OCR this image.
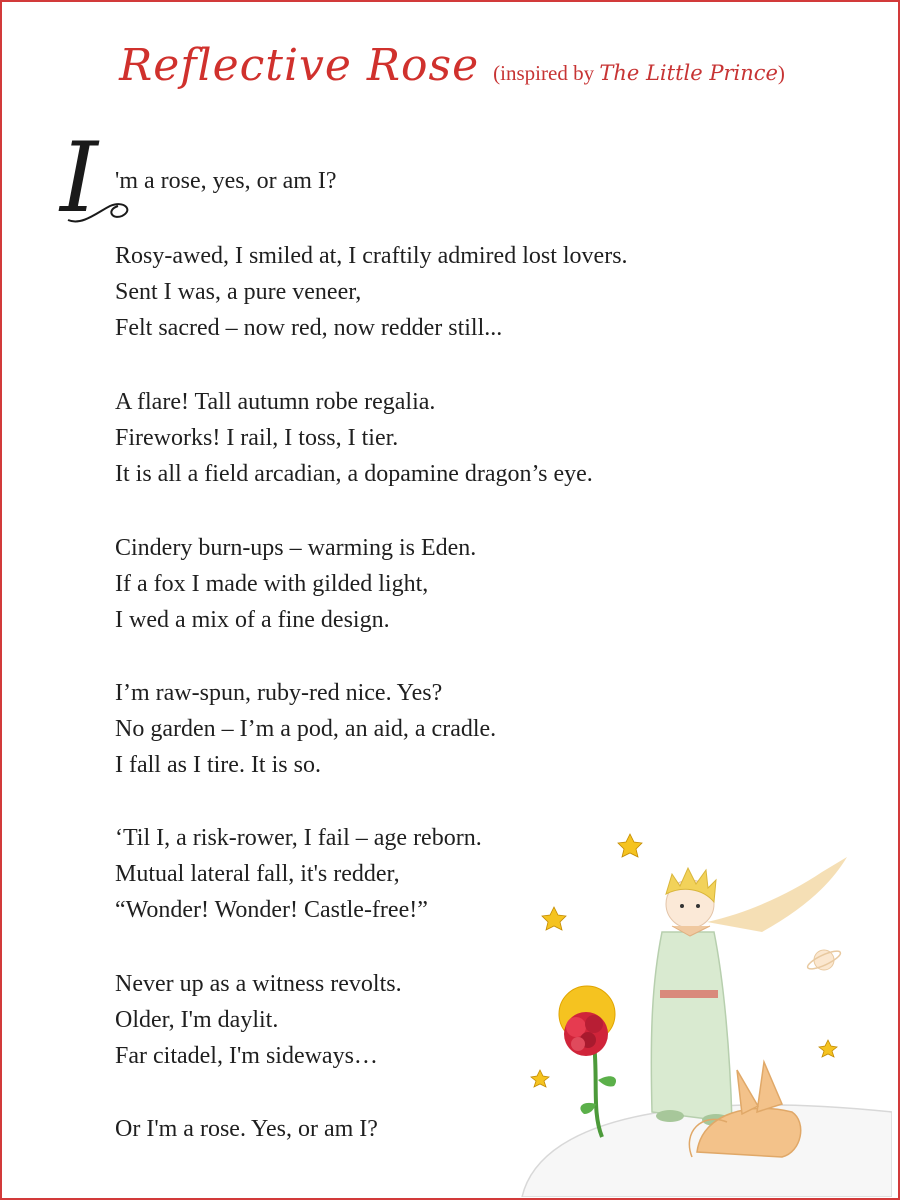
Reflective Rose (inspired by The Little Prince)
I 'm a rose, yes, or am I?
Rosy-awed, I smiled at, I craftily admired lost lovers.
Sent I was, a pure veneer,
Felt sacred – now red, now redder still...
A flare! Tall autumn robe regalia.
Fireworks! I rail, I toss, I tier.
It is all a field arcadian, a dopamine dragon’s eye.
Cindery burn-ups – warming is Eden.
If a fox I made with gilded light,
I wed a mix of a fine design.
I’m raw-spun, ruby-red nice. Yes?
No garden – I’m a pod, an aid, a cradle.
I fall as I tire. It is so.
‘Til I, a risk-rower, I fail – age reborn.
Mutual lateral fall, it's redder,
“Wonder! Wonder! Castle-free!”
Never up as a witness revolts.
Older, I'm daylit.
Far citadel, I'm sideways…
Or I'm a rose. Yes, or am I?
